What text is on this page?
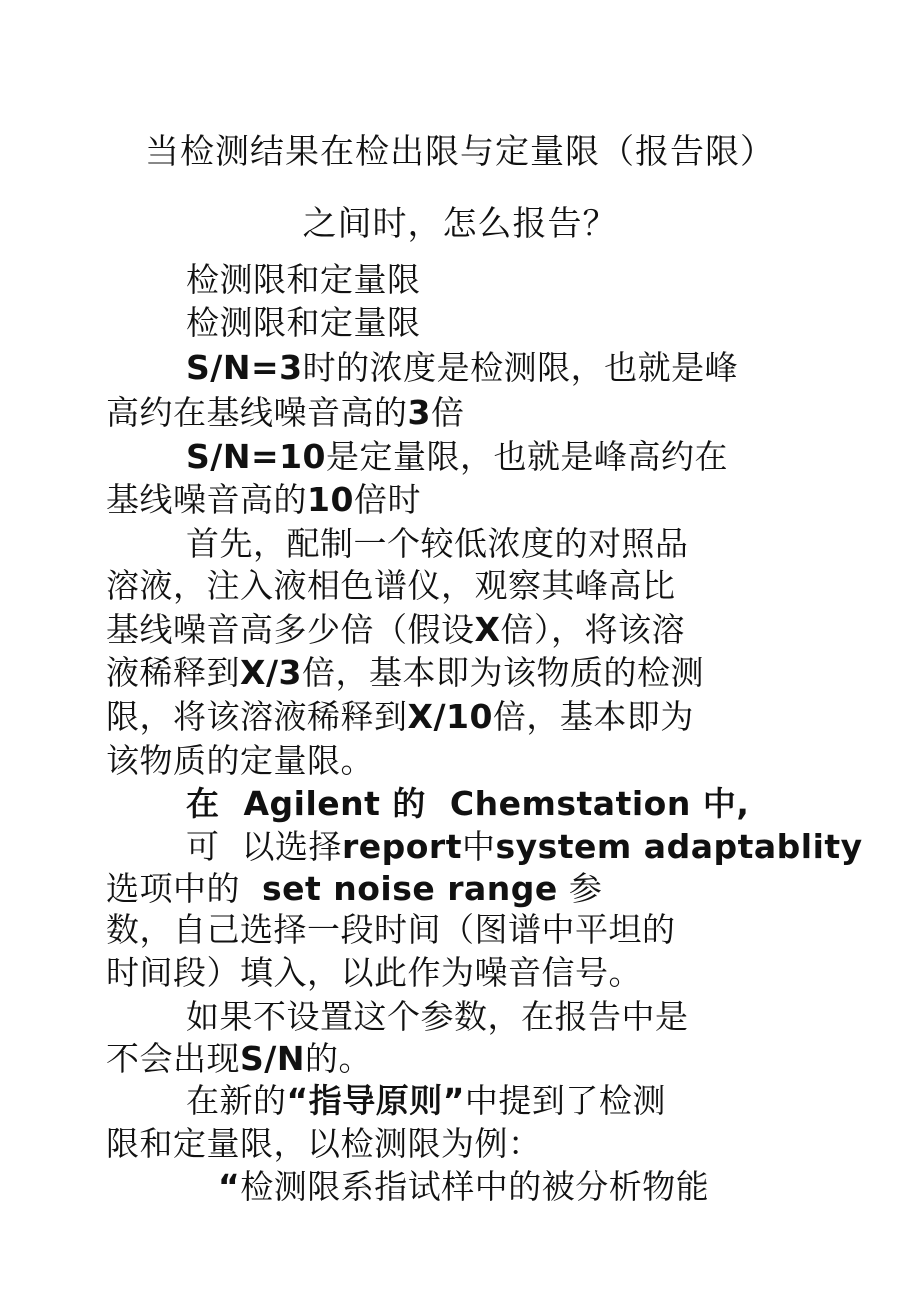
当检测结果在检出限与定量限（报告限）
之间时，怎么报告？
检测限和定量限
检测限和定量限
S/N=3时的浓度是检测限，也就是峰
高约在基线噪音高的3倍
S/N=10是定量限，也就是峰高约在
基线噪音高的10倍时
首先，配制一个较低浓度的对照品
溶液，注入液相色谱仪，观察其峰高比
基线噪音高多少倍（假设X倍），将该溶
液稀释到X/3倍，基本即为该物质的检测
限，将该溶液稀释到X/10倍，基本即为
该物质的定量限。
在 Agilent 的 Chemstation 中,
可 以选择report中system adaptablity
选项中的 set noise range 参
数，自己选择一段时间（图谱中平坦的
时间段）填入，以此作为噪音信号。
如果不设置这个参数，在报告中是
不会出现S/N的。
在新的“指导原则”中提到了检测
限和定量限，以检测限为例：
“检测限系指试样中的被分析物能
